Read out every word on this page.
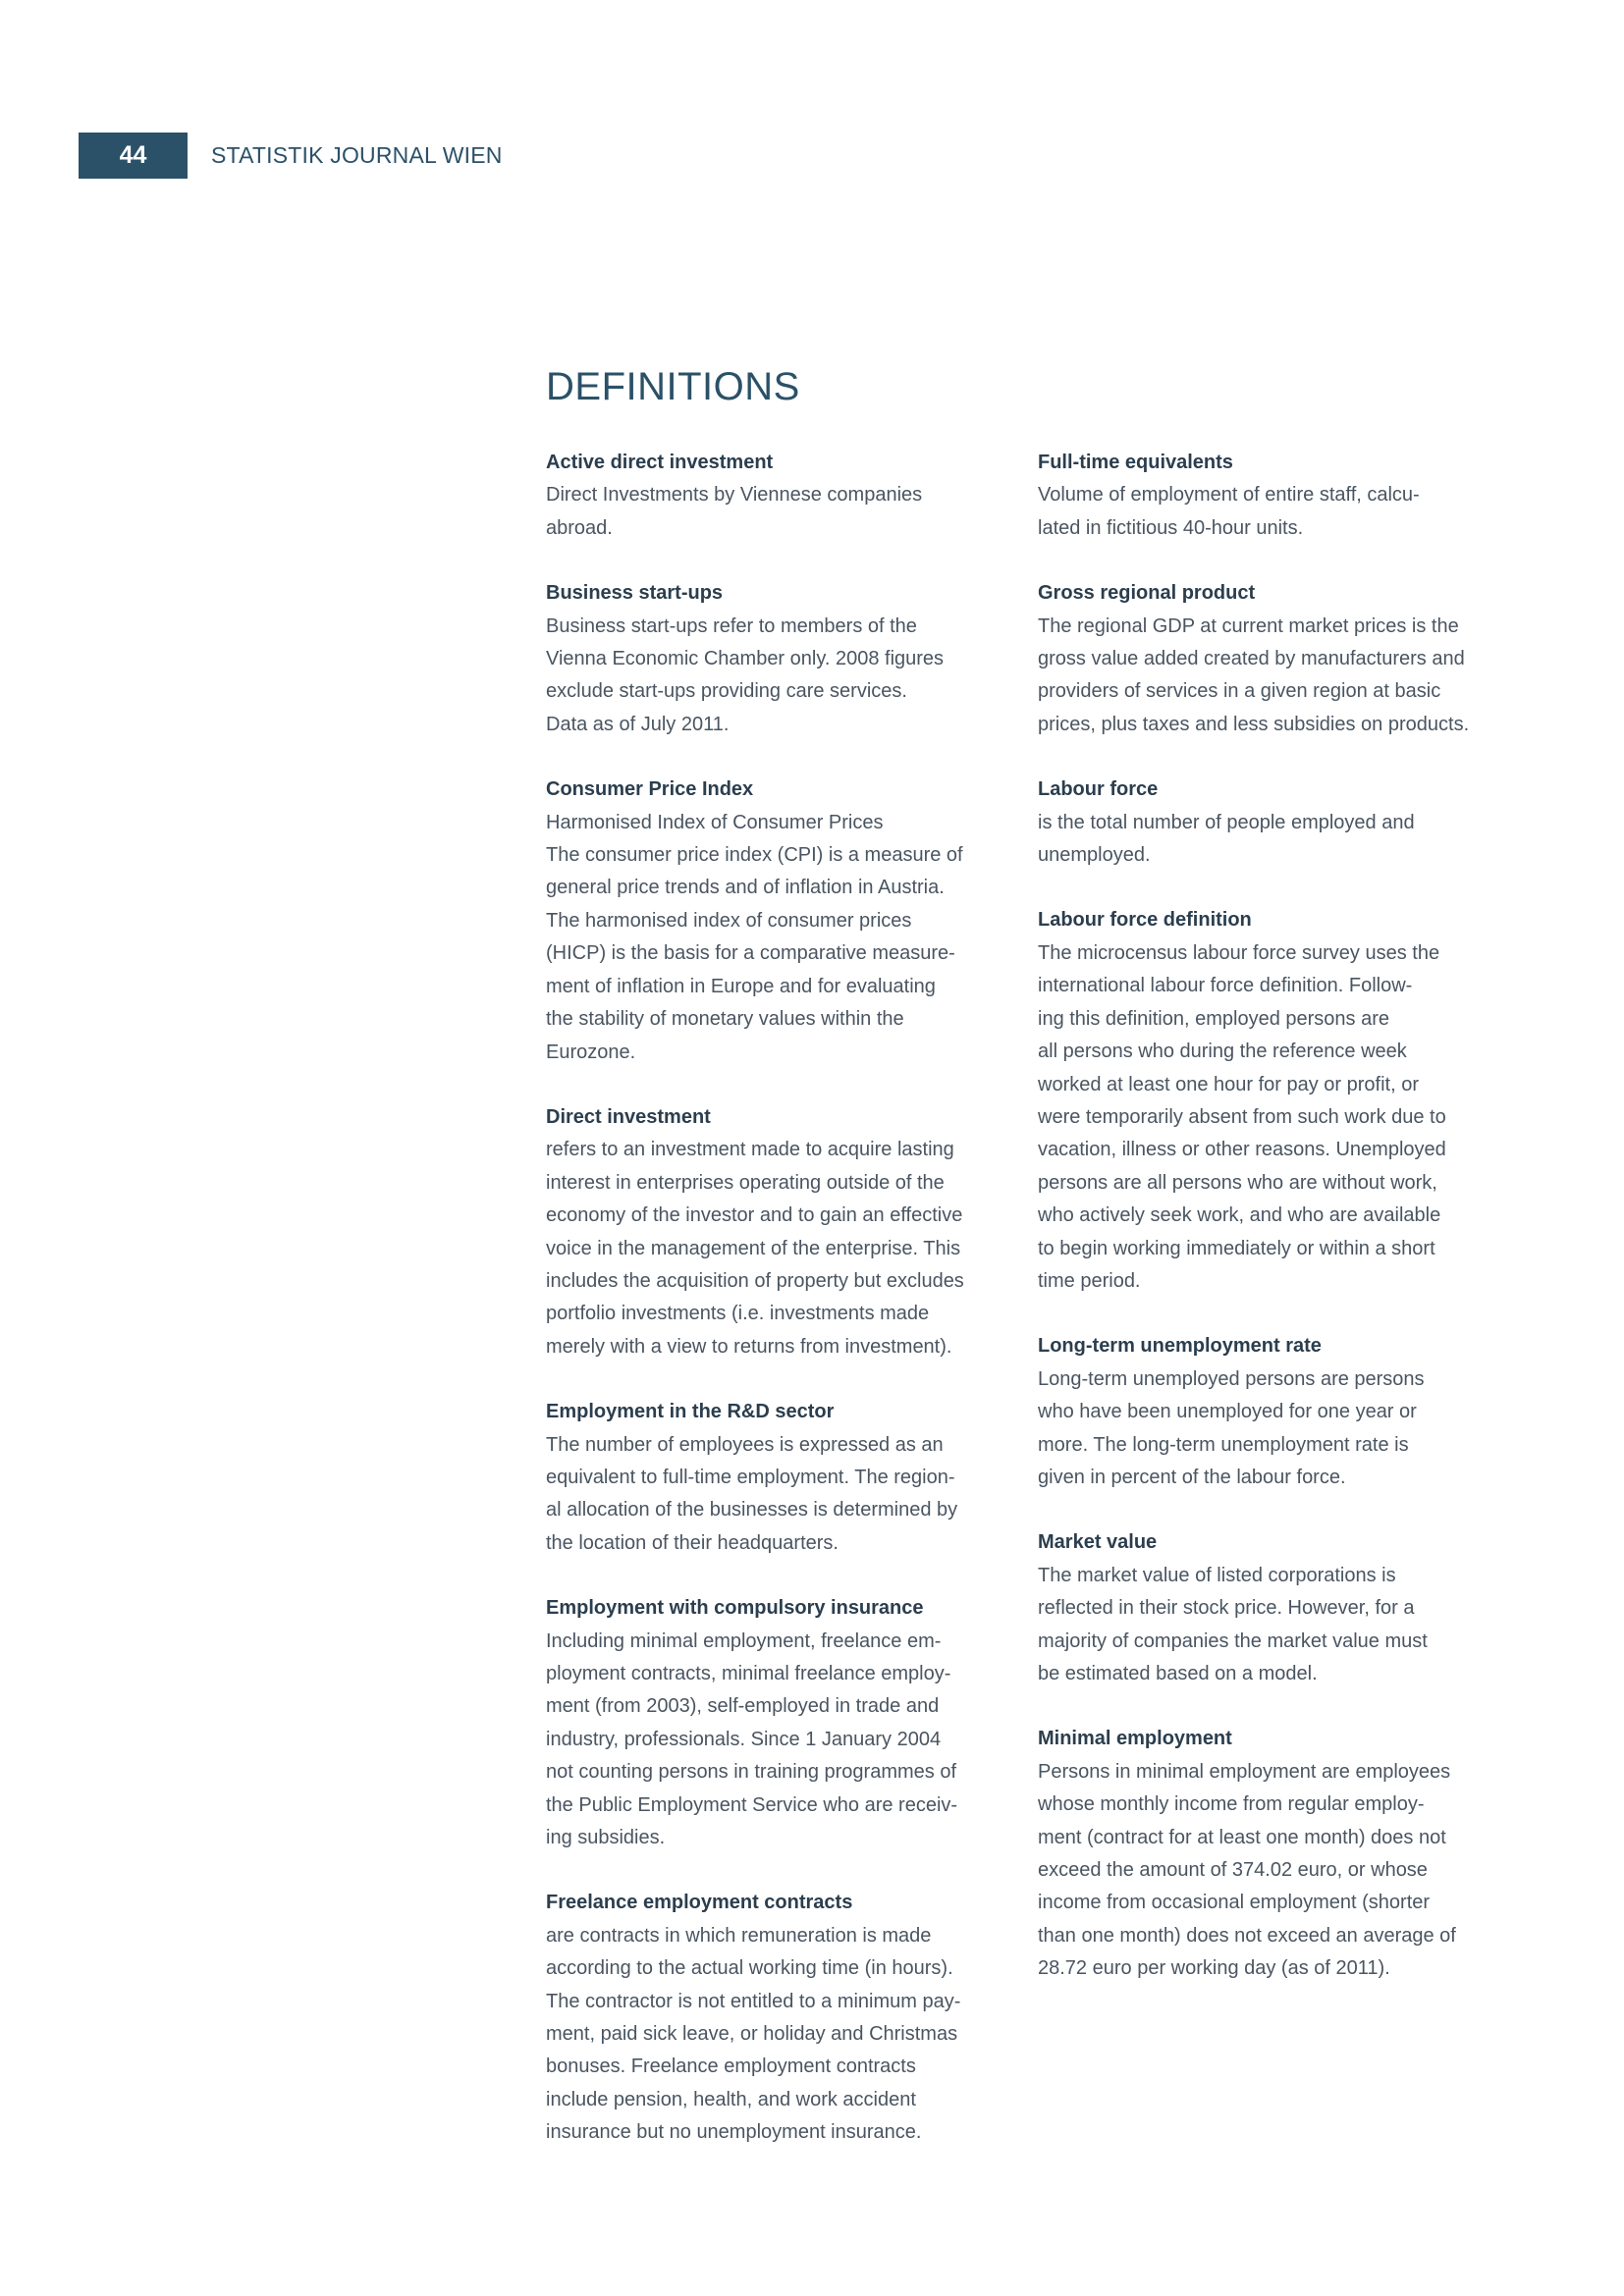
44	STATISTIK JOURNAL WIEN
DEFINITIONS
Active direct investment
Direct Investments by Viennese companies
abroad.
Business start-ups
Business start-ups refer to members of the
Vienna Economic Chamber only. 2008 figures
exclude start-ups providing care services.
Data as of July 2011.
Consumer Price Index
Harmonised Index of Consumer Prices
The consumer price index (CPI) is a measure of
general price trends and of inflation in Austria.
The harmonised index of consumer prices
(HICP) is the basis for a comparative measure-
ment of inflation in Europe and for evaluating
the stability of monetary values within the
Eurozone.
Direct investment
refers to an investment made to acquire lasting
interest in enterprises operating outside of the
economy of the investor and to gain an effective
voice in the management of the enterprise. This
includes the acquisition of property but excludes
portfolio investments (i.e. investments made
merely with a view to returns from investment).
Employment in the R&D sector
The number of employees is expressed as an
equivalent to full-time employment. The region-
al allocation of the businesses is determined by
the location of their headquarters.
Employment with compulsory insurance
Including minimal employment, freelance em-
ployment contracts, minimal freelance employ-
ment (from 2003), self-employed in trade and
industry, professionals. Since 1 January 2004
not counting persons in training programmes of
the Public Employment Service who are receiv-
ing subsidies.
Freelance employment contracts
are contracts in which remuneration is made
according to the actual working time (in hours).
The contractor is not entitled to a minimum pay-
ment, paid sick leave, or holiday and Christmas
bonuses. Freelance employment contracts
include pension, health, and work accident
insurance but no unemployment insurance.
Full-time equivalents
Volume of employment of entire staff, calcu-
lated in fictitious 40-hour units.
Gross regional product
The regional GDP at current market prices is the
gross value added created by manufacturers and
providers of services in a given region at basic
prices, plus taxes and less subsidies on products.
Labour force
is the total number of people employed and
unemployed.
Labour force definition
The microcensus labour force survey uses the
international labour force definition. Follow-
ing this definition, employed persons are
all persons who during the reference week
worked at least one hour for pay or profit, or
were temporarily absent from such work due to
vacation, illness or other reasons. Unemployed
persons are all persons who are without work,
who actively seek work, and who are available
to begin working immediately or within a short
time period.
Long-term unemployment rate
Long-term unemployed persons are persons
who have been unemployed for one year or
more. The long-term unemployment rate is
given in percent of the labour force.
Market value
The market value of listed corporations is
reflected in their stock price. However, for a
majority of companies the market value must
be estimated based on a model.
Minimal employment
Persons in minimal employment are employees
whose monthly income from regular employ-
ment (contract for at least one month) does not
exceed the amount of 374.02 euro, or whose
income from occasional employment (shorter
than one month) does not exceed an average of
28.72 euro per working day (as of 2011).
